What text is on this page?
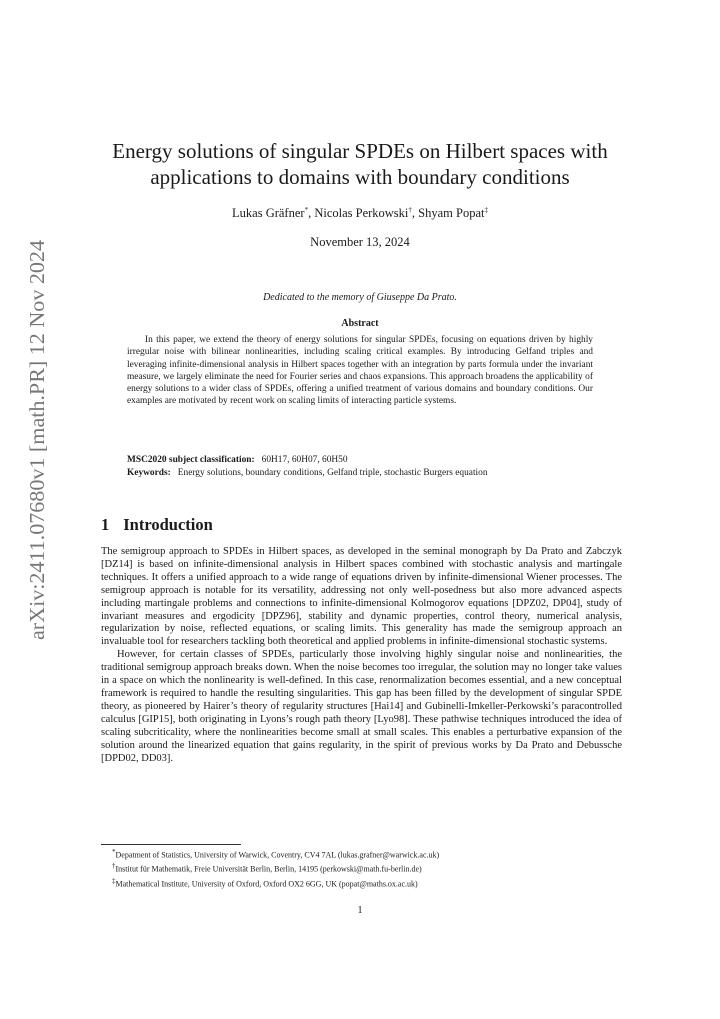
arXiv:2411.07680v1 [math.PR] 12 Nov 2024
Energy solutions of singular SPDEs on Hilbert spaces with
applications to domains with boundary conditions
Lukas Gräfner*, Nicolas Perkowski†, Shyam Popat‡
November 13, 2024
Dedicated to the memory of Giuseppe Da Prato.
Abstract

In this paper, we extend the theory of energy solutions for singular SPDEs, focusing on equations driven by highly irregular noise with bilinear nonlinearities, including scaling critical examples. By introducing Gelfand triples and leveraging infinite-dimensional analysis in Hilbert spaces together with an integration by parts formula under the invariant measure, we largely eliminate the need for Fourier series and chaos expansions. This approach broadens the applicability of energy solutions to a wider class of SPDEs, offering a unified treatment of various domains and boundary conditions. Our examples are motivated by recent work on scaling limits of interacting particle systems.

MSC2020 subject classification: 60H17, 60H07, 60H50
Keywords: Energy solutions, boundary conditions, Gelfand triple, stochastic Burgers equation
1 Introduction

The semigroup approach to SPDEs in Hilbert spaces, as developed in the seminal monograph by Da Prato and Zabczyk [DZ14] is based on infinite-dimensional analysis in Hilbert spaces combined with stochastic analysis and martingale techniques. It offers a unified approach to a wide range of equations driven by infinite-dimensional Wiener processes. The semigroup approach is notable for its versatility, addressing not only well-posedness but also more advanced aspects including martingale problems and connections to infinite-dimensional Kolmogorov equations [DPZ02, DP04], study of invariant measures and ergodicity [DPZ96], stability and dynamic properties, control theory, numerical analysis, regularization by noise, reflected equations, or scaling limits. This generality has made the semigroup approach an invaluable tool for researchers tackling both theoretical and applied problems in infinite-dimensional stochastic systems.

However, for certain classes of SPDEs, particularly those involving highly singular noise and nonlinearities, the traditional semigroup approach breaks down. When the noise becomes too irregular, the solution may no longer take values in a space on which the nonlinearity is well-defined. In this case, renormalization becomes essential, and a new conceptual framework is required to handle the resulting singularities. This gap has been filled by the development of singular SPDE theory, as pioneered by Hairer’s theory of regularity structures [Hai14] and Gubinelli-Imkeller-Perkowski’s paracontrolled calculus [GIP15], both originating in Lyons’s rough path theory [Lyo98]. These pathwise techniques introduced the idea of scaling subcriticality, where the nonlinearities become small at small scales. This enables a perturbative expansion of the solution around the linearized equation that gains regularity, in the spirit of previous works by Da Prato and Debussche [DPD02, DD03].

*Depatment of Statistics, University of Warwick, Coventry, CV4 7AL (lukas.grafner@warwick.ac.uk)
†Institut für Mathematik, Freie Universität Berlin, Berlin, 14195 (perkowski@math.fu-berlin.de)
‡Mathematical Institute, University of Oxford, Oxford OX2 6GG, UK (popat@maths.ox.ac.uk)
1
